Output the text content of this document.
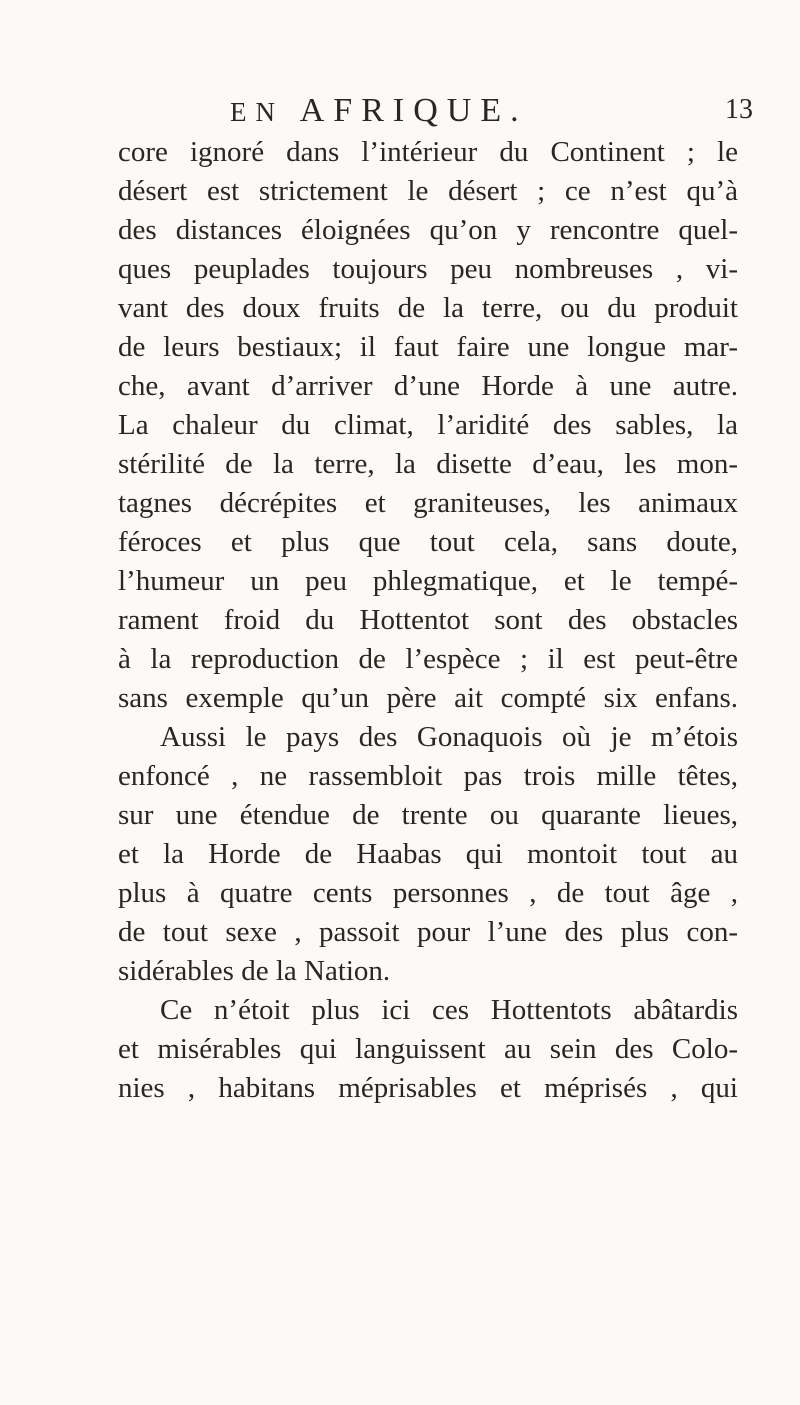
EN AFRIQUE.	13
core ignoré dans l’intérieur du Continent ; le
désert est strictement le désert ; ce n’est qu’à
des distances éloignées qu’on y rencontre quel-
ques peuplades toujours peu nombreuses , vi-
vant des doux fruits de la terre, ou du produit
de leurs bestiaux; il faut faire une longue mar-
che, avant d’arriver d’une Horde à une autre.
La chaleur du climat, l’aridité des sables, la
stérilité de la terre, la disette d’eau, les mon-
tagnes décrépites et graniteuses, les animaux
féroces et plus que tout cela, sans doute,
l’humeur un peu phlegmatique, et le tempé-
rament froid du Hottentot sont des obstacles
à la reproduction de l’espèce ; il est peut-être
sans exemple qu’un père ait compté six enfans.
Aussi le pays des Gonaquois où je m’étois
enfoncé , ne rassembloit pas trois mille têtes,
sur une étendue de trente ou quarante lieues,
et la Horde de Haabas qui montoit tout au
plus à quatre cents personnes , de tout âge ,
de tout sexe , passoit pour l’une des plus con-
sidérables de la Nation.
Ce n’étoit plus ici ces Hottentots abâtardis
et misérables qui languissent au sein des Colo-
nies , habitans méprisables et méprisés , qui
